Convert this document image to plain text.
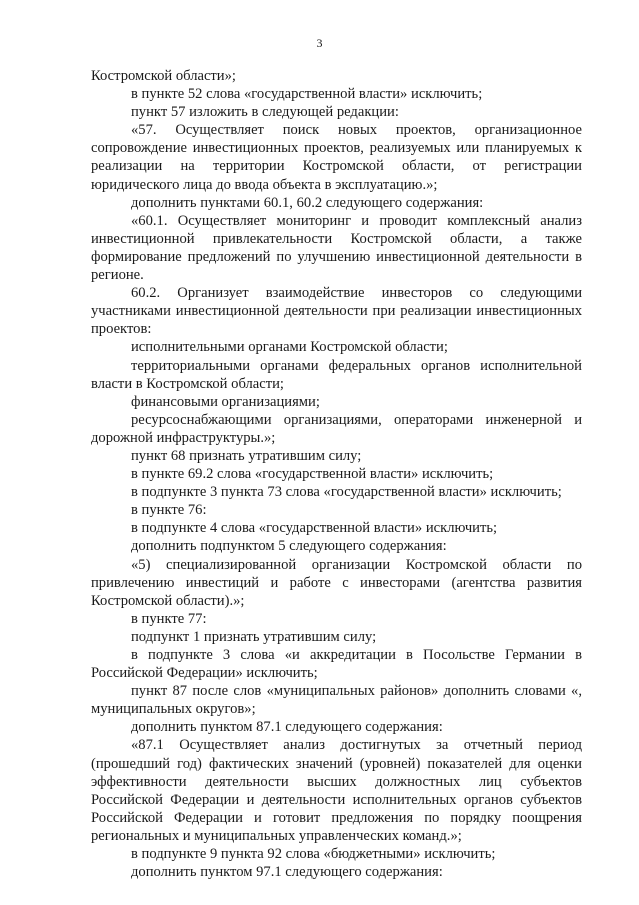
3

Костромской области»;

в пункте 52 слова «государственной власти» исключить;

пункт 57 изложить в следующей редакции:

«57. Осуществляет поиск новых проектов, организационное сопровождение инвестиционных проектов, реализуемых или планируемых к реализации на территории Костромской области, от регистрации юридического лица до ввода объекта в эксплуатацию.»;

дополнить пунктами 60.1, 60.2 следующего содержания:

«60.1. Осуществляет мониторинг и проводит комплексный анализ инвестиционной привлекательности Костромской области, а также формирование предложений по улучшению инвестиционной деятельности в регионе.

60.2. Организует взаимодействие инвесторов со следующими участниками инвестиционной деятельности при реализации инвестиционных проектов:

исполнительными органами Костромской области;

территориальными органами федеральных органов исполнительной власти в Костромской области;

финансовыми организациями;

ресурсоснабжающими организациями, операторами инженерной и дорожной инфраструктуры.»;

пункт 68 признать утратившим силу;

в пункте 69.2 слова «государственной власти» исключить;

в подпункте 3 пункта 73 слова «государственной власти» исключить;

в пункте 76:

в подпункте 4 слова «государственной власти» исключить;

дополнить подпунктом 5 следующего содержания:

«5) специализированной организации Костромской области по привлечению инвестиций и работе с инвесторами (агентства развития Костромской области).»;

в пункте 77:

подпункт 1 признать утратившим силу;

в подпункте 3 слова «и аккредитации в Посольстве Германии в Российской Федерации» исключить;

пункт 87 после слов «муниципальных районов» дополнить словами «, муниципальных округов»;

дополнить пунктом 87.1 следующего содержания:

«87.1 Осуществляет анализ достигнутых за отчетный период (прошедший год) фактических значений (уровней) показателей для оценки эффективности деятельности высших должностных лиц субъектов Российской Федерации и деятельности исполнительных органов субъектов Российской Федерации и готовит предложения по порядку поощрения региональных и муниципальных управленческих команд.»;

в подпункте 9 пункта 92 слова «бюджетными» исключить;

дополнить пунктом 97.1 следующего содержания:
